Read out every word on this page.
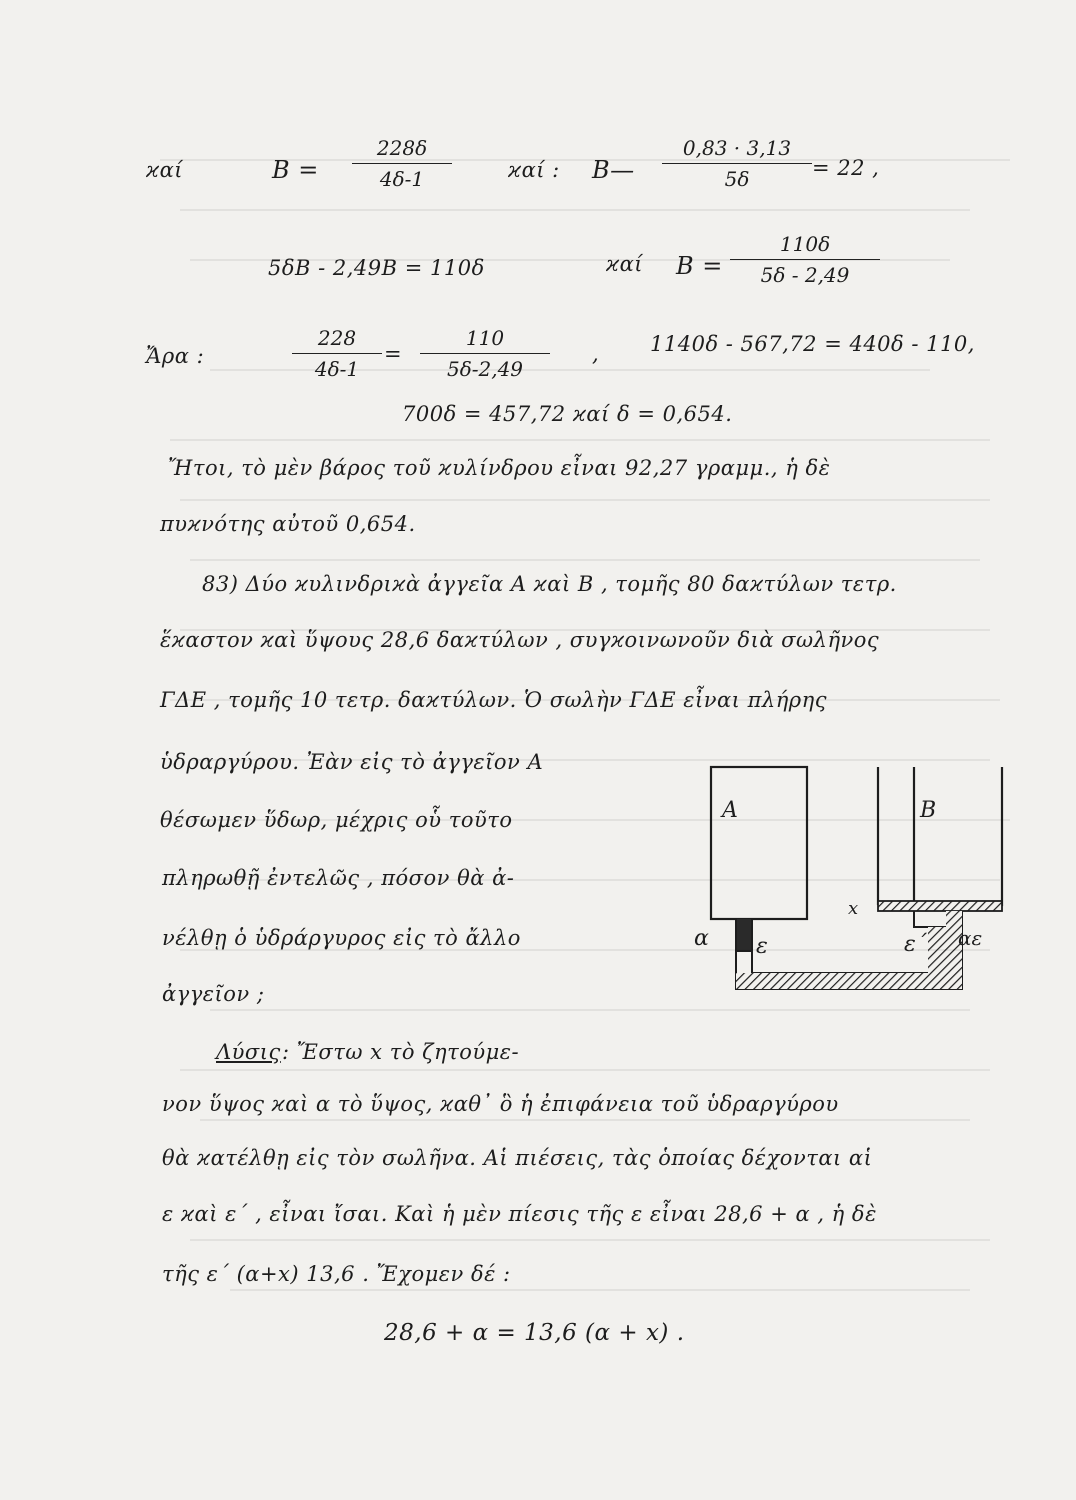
ϰαί	B =
228δ
4δ-1	ϰαί : B—
0,83 · 3,13
5δ	= 22 ,
5δB - 2,49B = 110δ	ϰαί B =
110δ
5δ - 2,49
Ἄρα :
228
4δ-1
=
110
5δ-2,49
, 1140δ - 567,72 = 440δ - 110,
700δ = 457,72 ϰαί δ = 0,654.
Ἤτοι, τὸ μὲν βάρος τοῦ ϰυλίνδρου εἶναι 92,27 γραμμ., ἡ δὲ
πυϰνότης αὐτοῦ 0,654.
83) Δύο ϰυλινδριϰὰ ἀγγεῖα Α ϰαὶ Β , τομῆς 80 δαϰτύλων τετρ.
ἕϰαστον ϰαὶ ὕψους 28,6 δαϰτύλων , συγϰοινωνοῦν διὰ σωλῆνος
ΓΔΕ , τομῆς 10 τετρ. δαϰτύλων. Ὁ σωλὴν ΓΔΕ εἶναι πλήρης
ὑδραργύρου. Ἐὰν εἰς τὸ ἀγγεῖον Α
θέσωμεν ὕδωρ, μέχρις οὗ τοῦτο
πληρωθῇ ἐντελῶς , πόσον θὰ ἀ-
νέλθῃ ὁ ὑδράργυρος εἰς τὸ ἄλλο
ἀγγεῖον ;
Λύσις : Ἔστω x τὸ ζητούμε-
νον ὕψος ϰαὶ α τὸ ὕψος, ϰαθ᾽ ὃ ἡ ἐπιφάνεια τοῦ ὑδραργύρου
θὰ ϰατέλθῃ εἰς τὸν σωλῆνα. Αἱ πιέσεις, τὰς ὁποίας δέχονται αἱ
ε ϰαὶ ε΄ , εἶναι ἴσαι. Καὶ ἡ μὲν πίεσις τῆς ε εἶναι 28,6 + α , ἡ δὲ
τῆς ε΄ (α+x) 13,6 . Ἔχομεν δέ :
28,6 + α = 13,6 (α + x) .
Α	Β
x
α ε	ε΄ αε
